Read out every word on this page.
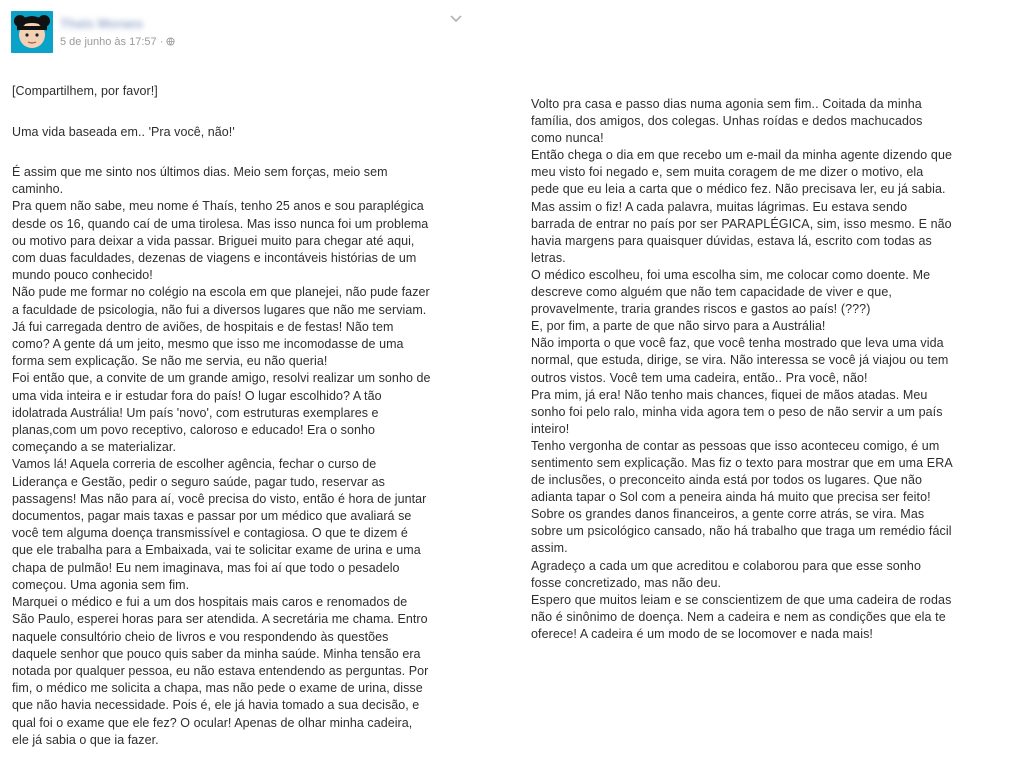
Thaís Moraes
5 de junho às 17:57 ·

[Compartilhem, por favor!]

Uma vida baseada em.. 'Pra você, não!'

É assim que me sinto nos últimos dias. Meio sem forças, meio sem
caminho.
Pra quem não sabe, meu nome é Thaís, tenho 25 anos e sou paraplégica
desde os 16, quando caí de uma tirolesa. Mas isso nunca foi um problema
ou motivo para deixar a vida passar. Briguei muito para chegar até aqui,
com duas faculdades, dezenas de viagens e incontáveis histórias de um
mundo pouco conhecido!
Não pude me formar no colégio na escola em que planejei, não pude fazer
a faculdade de psicologia, não fui a diversos lugares que não me serviam.
Já fui carregada dentro de aviões, de hospitais e de festas! Não tem
como? A gente dá um jeito, mesmo que isso me incomodasse de uma
forma sem explicação. Se não me servia, eu não queria!
Foi então que, a convite de um grande amigo, resolvi realizar um sonho de
uma vida inteira e ir estudar fora do país! O lugar escolhido? A tão
idolatrada Austrália! Um país 'novo', com estruturas exemplares e
planas,com um povo receptivo, caloroso e educado! Era o sonho
começando a se materializar.
Vamos lá! Aquela correria de escolher agência, fechar o curso de
Liderança e Gestão, pedir o seguro saúde, pagar tudo, reservar as
passagens! Mas não para aí, você precisa do visto, então é hora de juntar
documentos, pagar mais taxas e passar por um médico que avaliará se
você tem alguma doença transmissível e contagiosa. O que te dizem é
que ele trabalha para a Embaixada, vai te solicitar exame de urina e uma
chapa de pulmão! Eu nem imaginava, mas foi aí que todo o pesadelo
começou. Uma agonia sem fim.
Marquei o médico e fui a um dos hospitais mais caros e renomados de
São Paulo, esperei horas para ser atendida. A secretária me chama. Entro
naquele consultório cheio de livros e vou respondendo às questões
daquele senhor que pouco quis saber da minha saúde. Minha tensão era
notada por qualquer pessoa, eu não estava entendendo as perguntas. Por
fim, o médico me solicita a chapa, mas não pede o exame de urina, disse
que não havia necessidade. Pois é, ele já havia tomado a sua decisão, e
qual foi o exame que ele fez? O ocular! Apenas de olhar minha cadeira,
ele já sabia o que ia fazer.

Volto pra casa e passo dias numa agonia sem fim.. Coitada da minha
família, dos amigos, dos colegas. Unhas roídas e dedos machucados
como nunca!
Então chega o dia em que recebo um e-mail da minha agente dizendo que
meu visto foi negado e, sem muita coragem de me dizer o motivo, ela
pede que eu leia a carta que o médico fez. Não precisava ler, eu já sabia.
Mas assim o fiz! A cada palavra, muitas lágrimas. Eu estava sendo
barrada de entrar no país por ser PARAPLÉGICA, sim, isso mesmo. E não
havia margens para quaisquer dúvidas, estava lá, escrito com todas as
letras.
O médico escolheu, foi uma escolha sim, me colocar como doente. Me
descreve como alguém que não tem capacidade de viver e que,
provavelmente, traria grandes riscos e gastos ao país! (???)
E, por fim, a parte de que não sirvo para a Austrália!
Não importa o que você faz, que você tenha mostrado que leva uma vida
normal, que estuda, dirige, se vira. Não interessa se você já viajou ou tem
outros vistos. Você tem uma cadeira, então.. Pra você, não!
Pra mim, já era! Não tenho mais chances, fiquei de mãos atadas. Meu
sonho foi pelo ralo, minha vida agora tem o peso de não servir a um país
inteiro!
Tenho vergonha de contar as pessoas que isso aconteceu comigo, é um
sentimento sem explicação. Mas fiz o texto para mostrar que em uma ERA
de inclusões, o preconceito ainda está por todos os lugares. Que não
adianta tapar o Sol com a peneira ainda há muito que precisa ser feito!
Sobre os grandes danos financeiros, a gente corre atrás, se vira. Mas
sobre um psicológico cansado, não há trabalho que traga um remédio fácil
assim.
Agradeço a cada um que acreditou e colaborou para que esse sonho
fosse concretizado, mas não deu.
Espero que muitos leiam e se conscientizem de que uma cadeira de rodas
não é sinônimo de doença. Nem a cadeira e nem as condições que ela te
oferece! A cadeira é um modo de se locomover e nada mais!
